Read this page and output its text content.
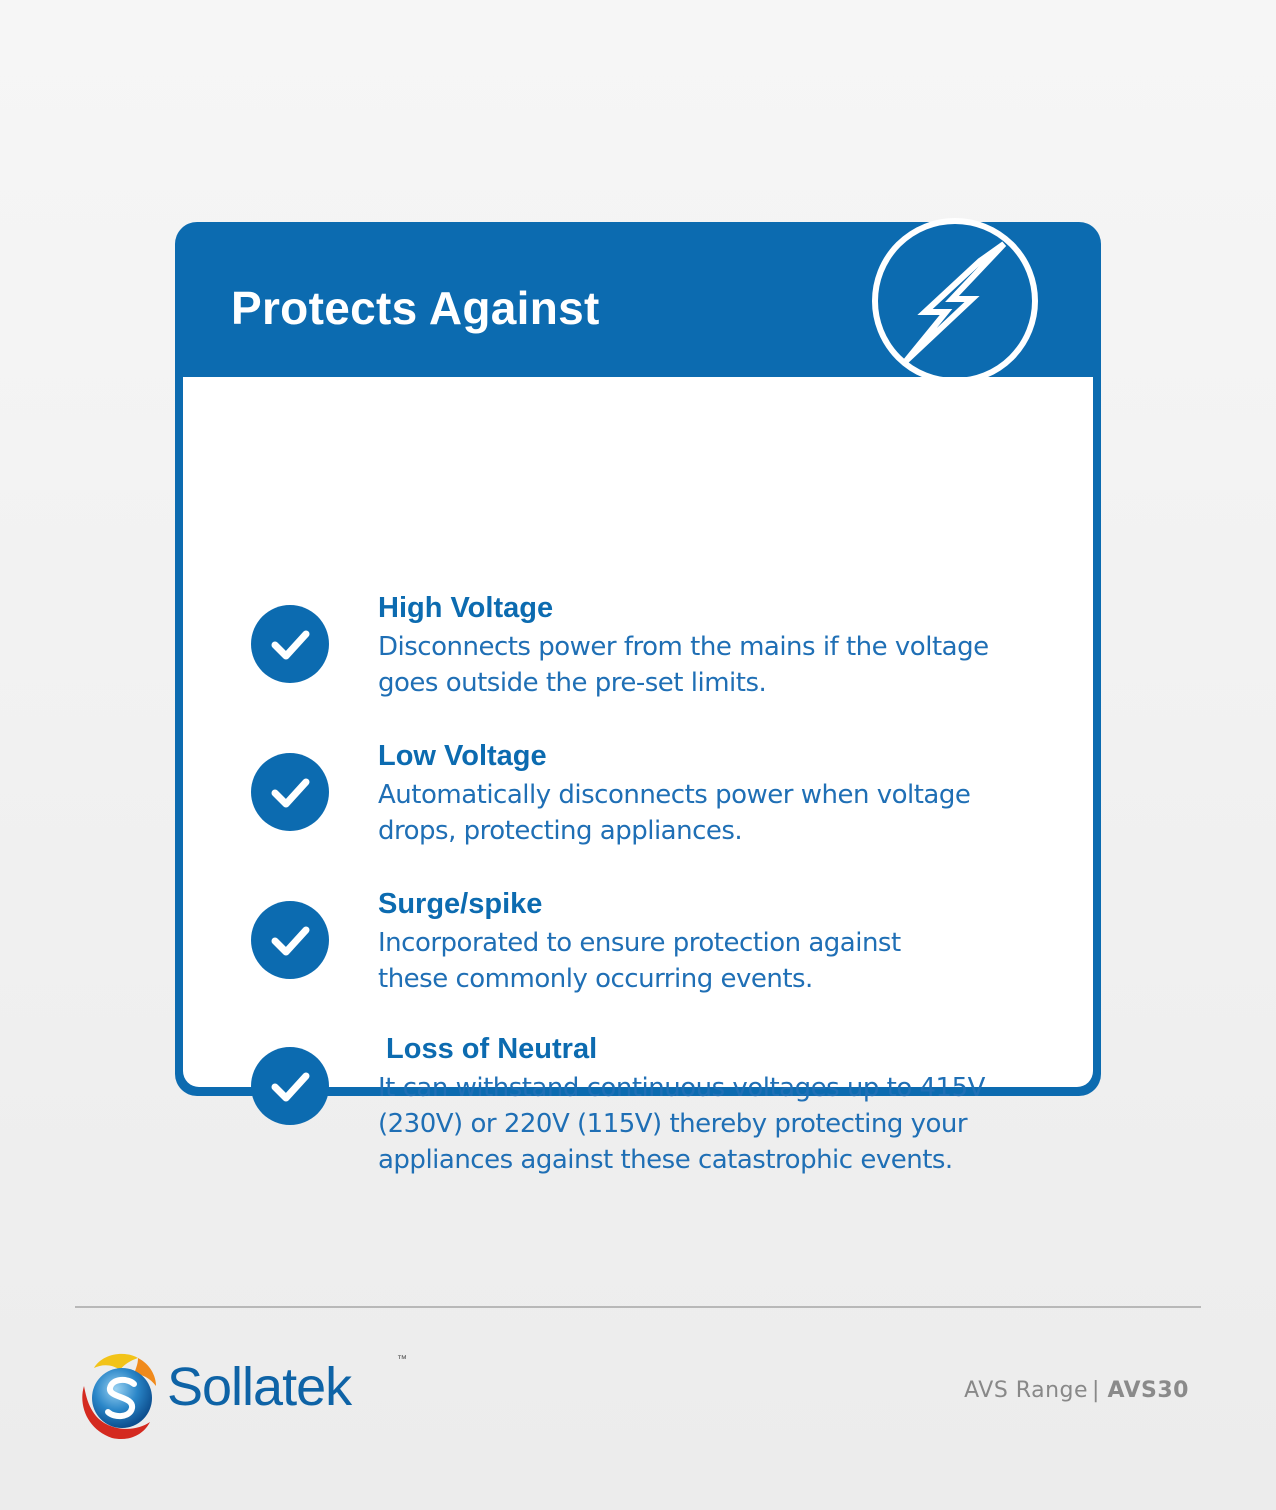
Protects Against
High Voltage

Disconnects power from the mains if the voltage
goes outside the pre-set limits.

Low Voltage

Automatically disconnects power when voltage
drops, protecting appliances.

Surge/spike

Incorporated to ensure protection against
these commonly occurring events.

Loss of Neutral

It can withstand continuous voltages up to 415V
(230V) or 220V (115V) thereby protecting your
appliances against these catastrophic events.

Sollatek	™
AVS Range | AVS30
